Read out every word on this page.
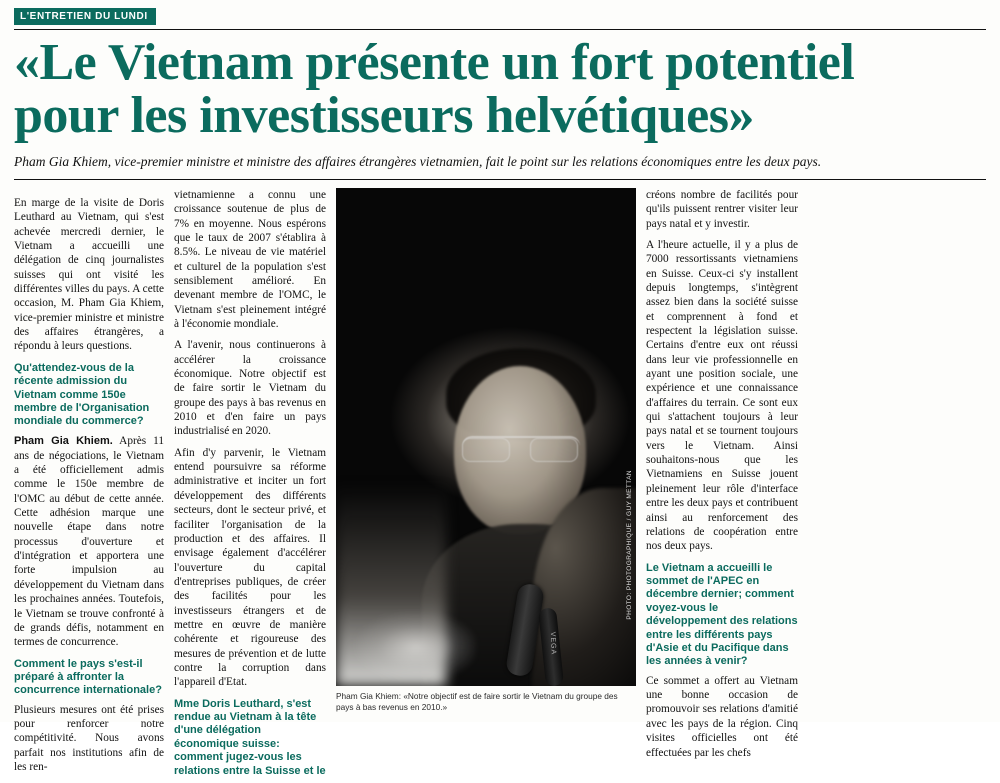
L'ENTRETIEN DU LUNDI
«Le Vietnam présente un fort potentiel
pour les investisseurs helvétiques»
Pham Gia Khiem, vice-premier ministre et ministre des affaires étrangères vietnamien, fait le point sur les relations économiques entre les deux pays.

En marge de la visite de Doris Leuthard au Vietnam, qui s'est achevée mercredi dernier, le Vietnam a accueilli une délégation de cinq journalistes suisses qui ont visité les différentes villes du pays. A cette occasion, M. Pham Gia Khiem, vice-premier ministre et ministre des affaires étrangères, a répondu à leurs questions.

Qu'attendez-vous de la récente admission du Vietnam comme 150e membre de l'Organisation mondiale du commerce?

Pham Gia Khiem. Après 11 ans de négociations, le Vietnam a été officiellement admis comme le 150e membre de l'OMC au début de cette année. Cette adhésion marque une nouvelle étape dans notre processus d'ouverture et d'intégration et apportera une forte impulsion au développement du Vietnam dans les prochaines années. Toutefois, le Vietnam se trouve confronté à de grands défis, notamment en termes de concurrence.

Comment le pays s'est-il préparé à affronter la concurrence internationale?

Plusieurs mesures ont été prises pour renforcer notre compétitivité. Nous avons parfait nos institutions afin de les ren-

vietnamienne a connu une croissance soutenue de plus de 7% en moyenne. Nous espérons que le taux de 2007 s'établira à 8.5%. Le niveau de vie matériel et culturel de la population s'est sensiblement amélioré. En devenant membre de l'OMC, le Vietnam s'est pleinement intégré à l'économie mondiale.

A l'avenir, nous continuerons à accélérer la croissance économique. Notre objectif est de faire sortir le Vietnam du groupe des pays à bas revenus en 2010 et d'en faire un pays industrialisé en 2020.

Afin d'y parvenir, le Vietnam entend poursuivre sa réforme administrative et inciter un fort développement des différents secteurs, dont le secteur privé, et faciliter l'organisation de la production et des affaires. Il envisage également d'accélérer l'ouverture du capital d'entreprises publiques, de créer des facilités pour les investisseurs étrangers et de mettre en œuvre de manière cohérente et rigoureuse des mesures de prévention et de lutte contre la corruption dans l'appareil d'Etat.

Mme Doris Leuthard, s'est rendue au Vietnam à la tête d'une délégation économique suisse: comment jugez-vous les relations entre la Suisse et le
VEGA
PHOTO: PHOTOGRAPHIQUE / GUY METTAN
Pham Gia Khiem: «Notre objectif est de faire sortir le Vietnam du groupe des pays à bas revenus en 2010.»

créons nombre de facilités pour qu'ils puissent rentrer visiter leur pays natal et y investir.

A l'heure actuelle, il y a plus de 7000 ressortissants vietnamiens en Suisse. Ceux-ci s'y installent depuis longtemps, s'intègrent assez bien dans la société suisse et comprennent à fond et respectent la législation suisse. Certains d'entre eux ont réussi dans leur vie professionnelle en ayant une position sociale, une expérience et une connaissance d'affaires du terrain. Ce sont eux qui s'attachent toujours à leur pays natal et se tournent toujours vers le Vietnam. Ainsi souhaitons-nous que les Vietnamiens en Suisse jouent pleinement leur rôle d'interface entre les deux pays et contribuent ainsi au renforcement des relations de coopération entre nos deux pays.

Le Vietnam a accueilli le sommet de l'APEC en décembre dernier; comment voyez-vous le développement des relations entre les différents pays d'Asie et du Pacifique dans les années à venir?

Ce sommet a offert au Vietnam une bonne occasion de promouvoir ses relations d'amitié avec les pays de la région. Cinq visites officielles ont été effectuées par les chefs
